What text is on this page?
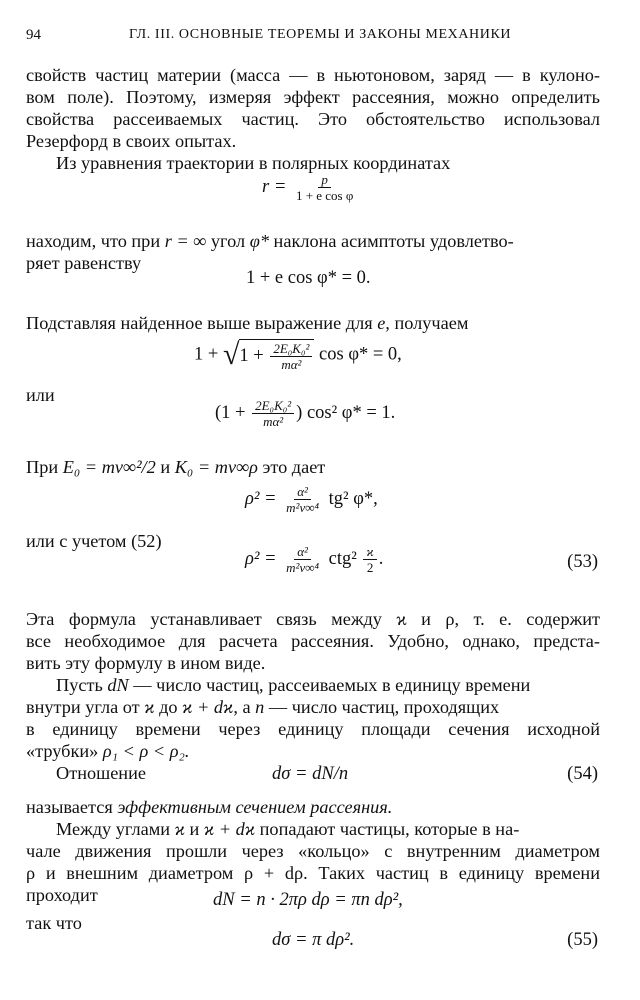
94	ГЛ. III. ОСНОВНЫЕ ТЕОРЕМЫ И ЗАКОНЫ МЕХАНИКИ
свойств частиц материи (масса — в ньютоновом, заряд — в кулоно-
вом поле). Поэтому, измеряя эффект рассеяния, можно определить
свойства рассеиваемых частиц. Это обстоятельство использовал
Резерфорд в своих опытах.
Из уравнения траектории в полярных координатах
$r = \frac{p}{\text{1 + e cos φ}}$
находим, что при r = ∞ угол φ* наклона асимптоты удовлетво-
ряет равенству
1 + e cos φ* = 0.
Подставляя найденное выше выражение для e, получаем
$1 + √1 + \frac{\text{2E₀K₀²}}{\text{mα²}}$ cos φ* = 0,
или
($1 + \frac{\text{2E₀K₀²}}{\text{mα²}}$ ) cos² φ* = 1.
При E₀ = mv∞²/2 и K₀ = mv∞ρ это дает
$\rho^2 = \frac{\text{α²}}{\text{m²v∞⁴}} tg^2$ φ*,
или с учетом (52)
$\rho^2 = \frac{\text{α²}}{\text{m²v∞⁴}} ctg^2 \frac{ϰ}{2}$ .	(53)
Эта формула устанавливает связь между ϰ и ρ, т. е. содержит
все необходимое для расчета рассеяния. Удобно, однако, предста-
вить эту формулу в ином виде.
Пусть dN — число частиц, рассеиваемых в единицу времени
внутри угла от ϰ до ϰ + dϰ, а n — число частиц, проходящих
в единицу времени через единицу площади сечения исходной
«трубки» ρ₁ < ρ < ρ₂.
Отношение	dσ = dN/n	(54)
называется эффективным сечением рассеяния.
Между углами ϰ и ϰ + dϰ попадают частицы, которые в на-
чале движения прошли через «кольцо» с внутренним диаметром
ρ и внешним диаметром ρ + dρ. Таких частиц в единицу времени
проходит	dN = n · 2πρ dρ = πn dρ²,
так что
dσ = π dρ².	(55)
